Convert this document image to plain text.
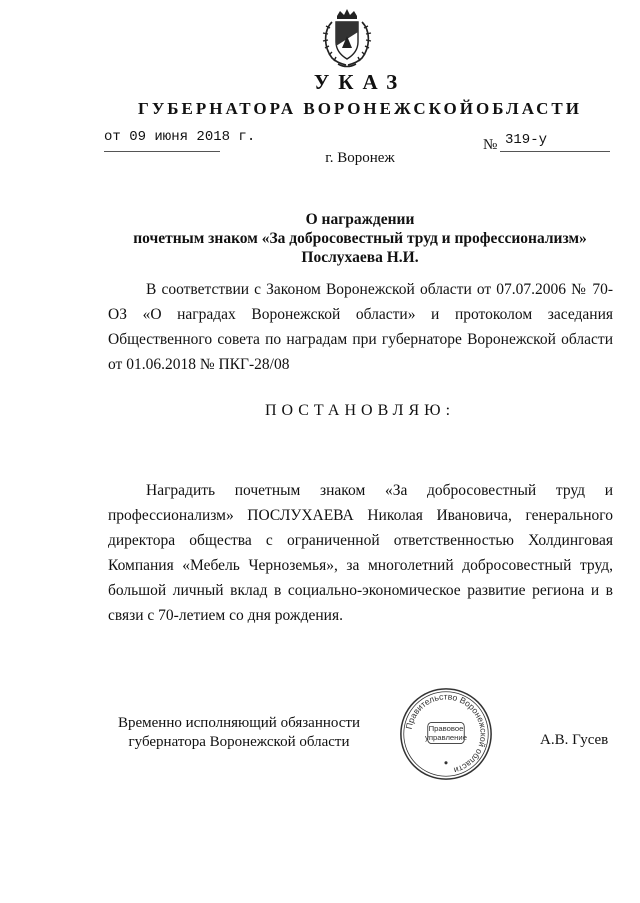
УКАЗ
ГУБЕРНАТОРА ВОРОНЕЖСКОЙОБЛАСТИ
от 09 июня 2018 г.	№ 319-у
г. Воронеж
О награждении
почетным знаком «За добросовестный труд и профессионализм»
Послухаева Н.И.
В соответствии с Законом Воронежской области от 07.07.2006 № 70-ОЗ «О наградах Воронежской области» и протоколом заседания Общественного совета по наградам при губернаторе Воронежской области от 01.06.2018 № ПКГ-28/08
ПОСТАНОВЛЯЮ:
Наградить почетным знаком «За добросовестный труд и профессионализм» ПОСЛУХАЕВА Николая Ивановича, генерального директора общества с ограниченной ответственностью Холдинговая Компания «Мебель Черноземья», за многолетний добросовестный труд, большой личный вклад в социально-экономическое развитие региона и в связи с 70-летием со дня рождения.
Временно исполняющий обязанности
губернатора Воронежской области
Правительство Воронежской области
Правовое
управление	А.В. Гусев
